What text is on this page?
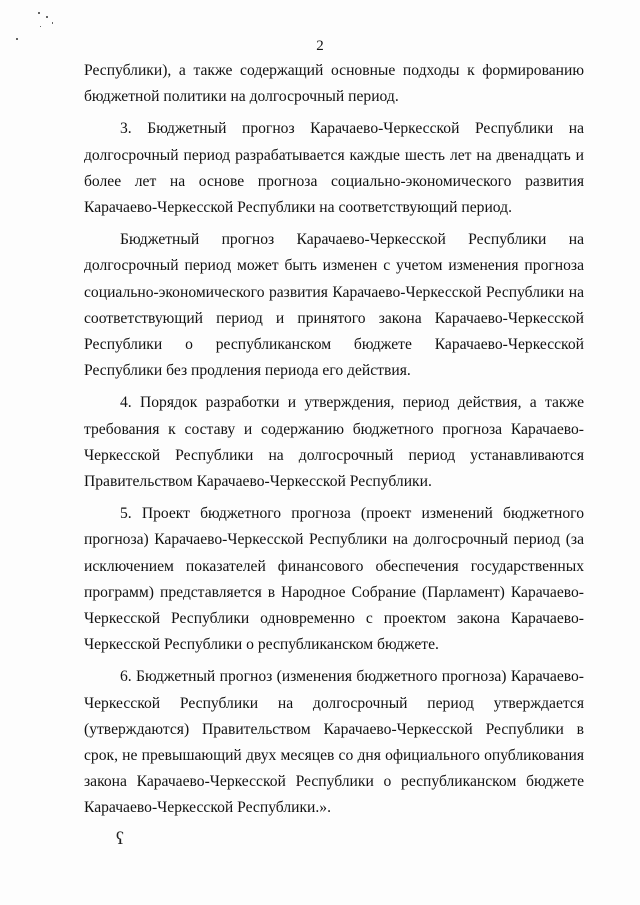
2

Республики), а также содержащий основные подходы к формированию бюджетной политики на долгосрочный период.

3. Бюджетный прогноз Карачаево-Черкесской Республики на долгосрочный период разрабатывается каждые шесть лет на двенадцать и более лет на основе прогноза социально-экономического развития Карачаево-Черкесской Республики на соответствующий период.

Бюджетный прогноз Карачаево-Черкесской Республики на долгосрочный период может быть изменен с учетом изменения прогноза социально-экономического развития Карачаево-Черкесской Республики на соответствующий период и принятого закона Карачаево-Черкесской Республики о республиканском бюджете Карачаево-Черкесской Республики без продления периода его действия.

4. Порядок разработки и утверждения, период действия, а также требования к составу и содержанию бюджетного прогноза Карачаево-Черкесской Республики на долгосрочный период устанавливаются Правительством Карачаево-Черкесской Республики.

5. Проект бюджетного прогноза (проект изменений бюджетного прогноза) Карачаево-Черкесской Республики на долгосрочный период (за исключением показателей финансового обеспечения государственных программ) представляется в Народное Собрание (Парламент) Карачаево-Черкесской Республики одновременно с проектом закона Карачаево-Черкесской Республики о республиканском бюджете.

6. Бюджетный прогноз (изменения бюджетного прогноза) Карачаево-Черкесской Республики на долгосрочный период утверждается (утверждаются) Правительством Карачаево-Черкесской Республики в срок, не превышающий двух месяцев со дня официального опубликования закона Карачаево-Черкесской Республики о республиканском бюджете Карачаево-Черкесской Республики.».

ʕ
